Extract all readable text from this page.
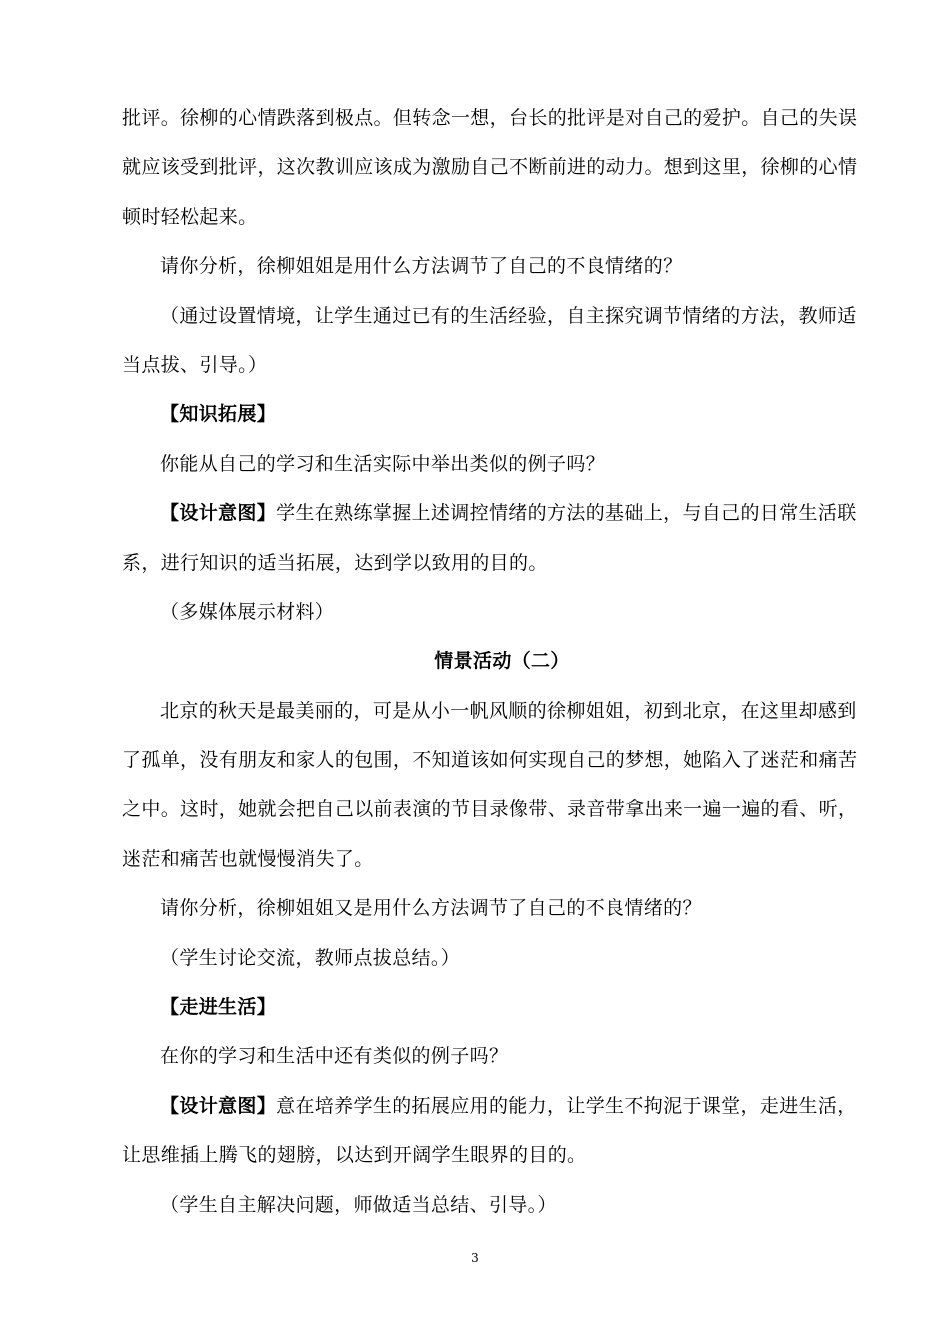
批评。徐柳的心情跌落到极点。但转念一想，台长的批评是对自己的爱护。自己的失误
就应该受到批评，这次教训应该成为激励自己不断前进的动力。想到这里，徐柳的心情
顿时轻松起来。
请你分析，徐柳姐姐是用什么方法调节了自己的不良情绪的？
（通过设置情境，让学生通过已有的生活经验，自主探究调节情绪的方法，教师适
当点拔、引导。）
【知识拓展】
你能从自己的学习和生活实际中举出类似的例子吗？
【设计意图】学生在熟练掌握上述调控情绪的方法的基础上，与自己的日常生活联
系，进行知识的适当拓展，达到学以致用的目的。
（多媒体展示材料）
情景活动（二）
北京的秋天是最美丽的，可是从小一帆风顺的徐柳姐姐，初到北京，在这里却感到
了孤单，没有朋友和家人的包围，不知道该如何实现自己的梦想，她陷入了迷茫和痛苦
之中。这时，她就会把自己以前表演的节目录像带、录音带拿出来一遍一遍的看、听，
迷茫和痛苦也就慢慢消失了。
请你分析，徐柳姐姐又是用什么方法调节了自己的不良情绪的？
（学生讨论交流，教师点拔总结。）
【走进生活】
在你的学习和生活中还有类似的例子吗？
【设计意图】意在培养学生的拓展应用的能力，让学生不拘泥于课堂，走进生活，
让思维插上腾飞的翅膀，以达到开阔学生眼界的目的。
（学生自主解决问题，师做适当总结、引导。）
3
